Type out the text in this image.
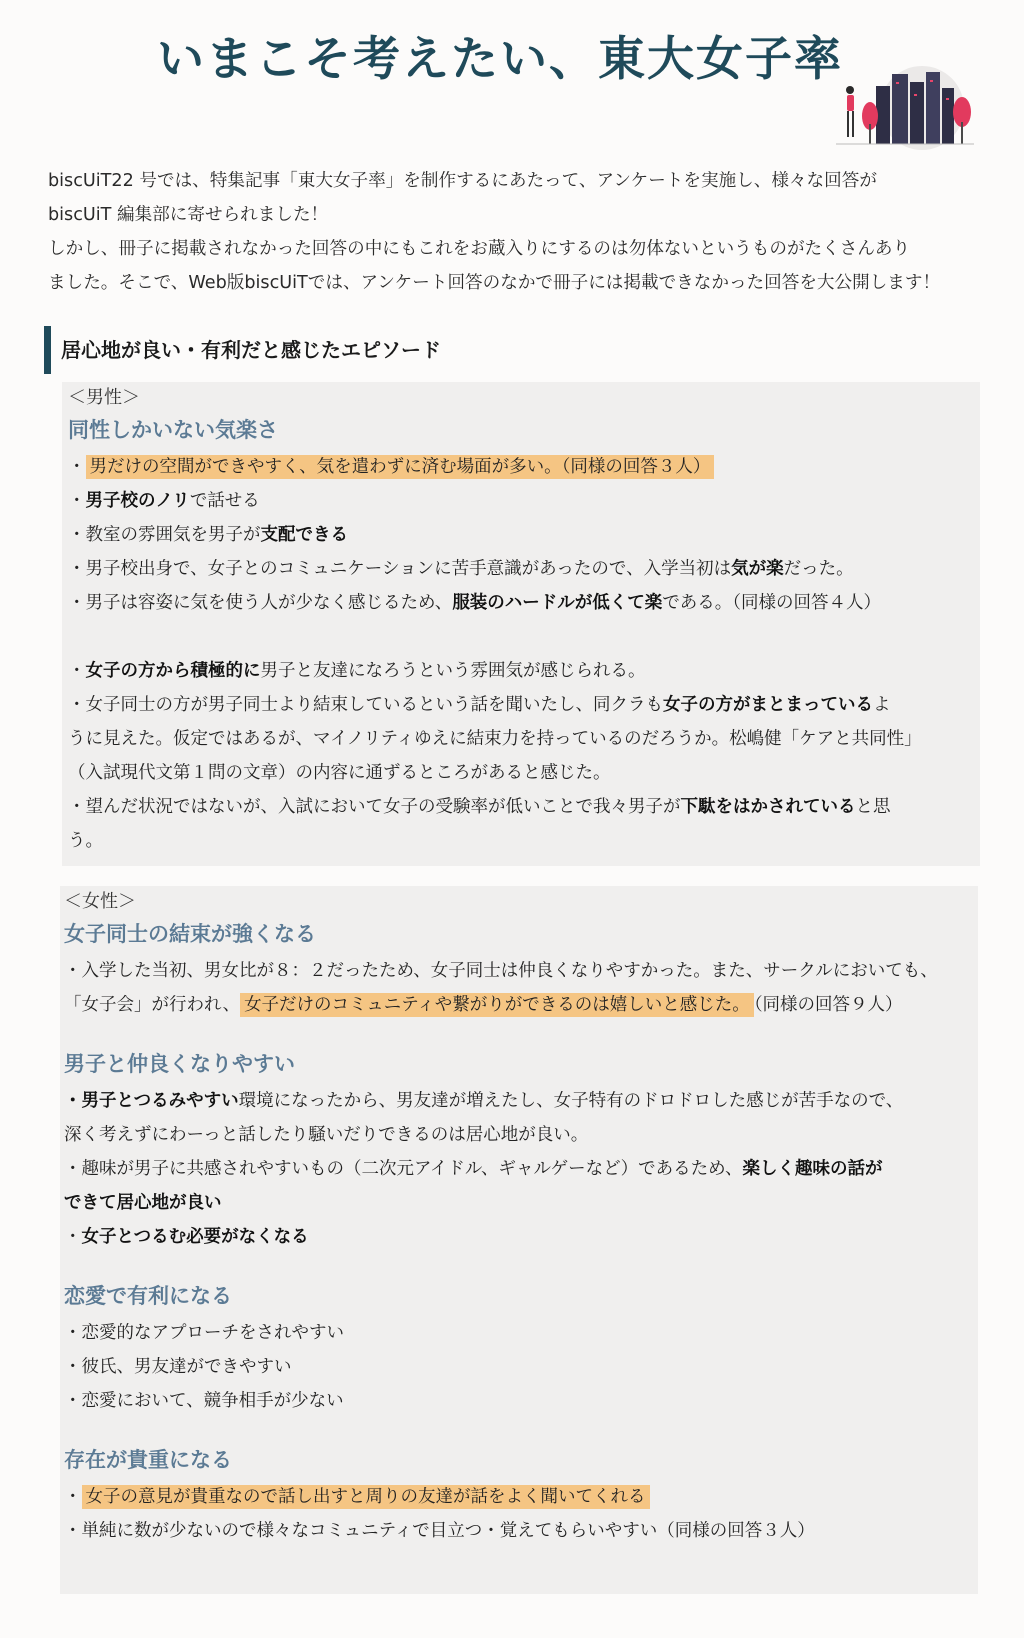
いまこそ考えたい、東大女子率

biscUiT22 号では、特集記事「東大女子率」を制作するにあたって、アンケートを実施し、様々な回答が

biscUiT 編集部に寄せられました！

しかし、冊子に掲載されなかった回答の中にもこれをお蔵入りにするのは勿体ないというものがたくさんあり

ました。そこで、Web版biscUiTでは、アンケート回答のなかで冊子には掲載できなかった回答を大公開します！

居心地が良い・有利だと感じたエピソード

＜男性＞

同性しかいない気楽さ
・ 男だけの空間ができやすく、気を遣わずに済む場面が多い。（同様の回答３人）
・男子校のノリで話せる
・教室の雰囲気を男子が支配できる
・男子校出身で、女子とのコミュニケーションに苦手意識があったので、入学当初は気が楽だった。
・男子は容姿に気を使う人が少なく感じるため、服装のハードルが低くて楽である。（同様の回答４人）
・女子の方から積極的に男子と友達になろうという雰囲気が感じられる。
・女子同士の方が男子同士より結束しているという話を聞いたし、同クラも女子の方がまとまっているよ
うに見えた。仮定ではあるが、マイノリティゆえに結束力を持っているのだろうか。松嶋健「ケアと共同性」
（入試現代文第１問の文章）の内容に通ずるところがあると感じた。
・望んだ状況ではないが、入試において女子の受験率が低いことで我々男子が下駄をはかされていると思
う。

＜女性＞

女子同士の結束が強くなる
・入学した当初、男女比が８：２だったため、女子同士は仲良くなりやすかった。また、サークルにおいても、
「女子会」が行われ、 女子だけのコミュニティや繋がりができるのは嬉しいと感じた。 （同様の回答９人）
男子と仲良くなりやすい
・男子とつるみやすい環境になったから、男友達が増えたし、女子特有のドロドロした感じが苦手なので、
深く考えずにわーっと話したり騒いだりできるのは居心地が良い。
・趣味が男子に共感されやすいもの（二次元アイドル、ギャルゲーなど）であるため、楽しく趣味の話が
できて居心地が良い
・女子とつるむ必要がなくなる
恋愛で有利になる
・恋愛的なアプローチをされやすい
・彼氏、男友達ができやすい
・恋愛において、競争相手が少ない
存在が貴重になる
・ 女子の意見が貴重なので話し出すと周りの友達が話をよく聞いてくれる
・単純に数が少ないので様々なコミュニティで目立つ・覚えてもらいやすい（同様の回答３人）
